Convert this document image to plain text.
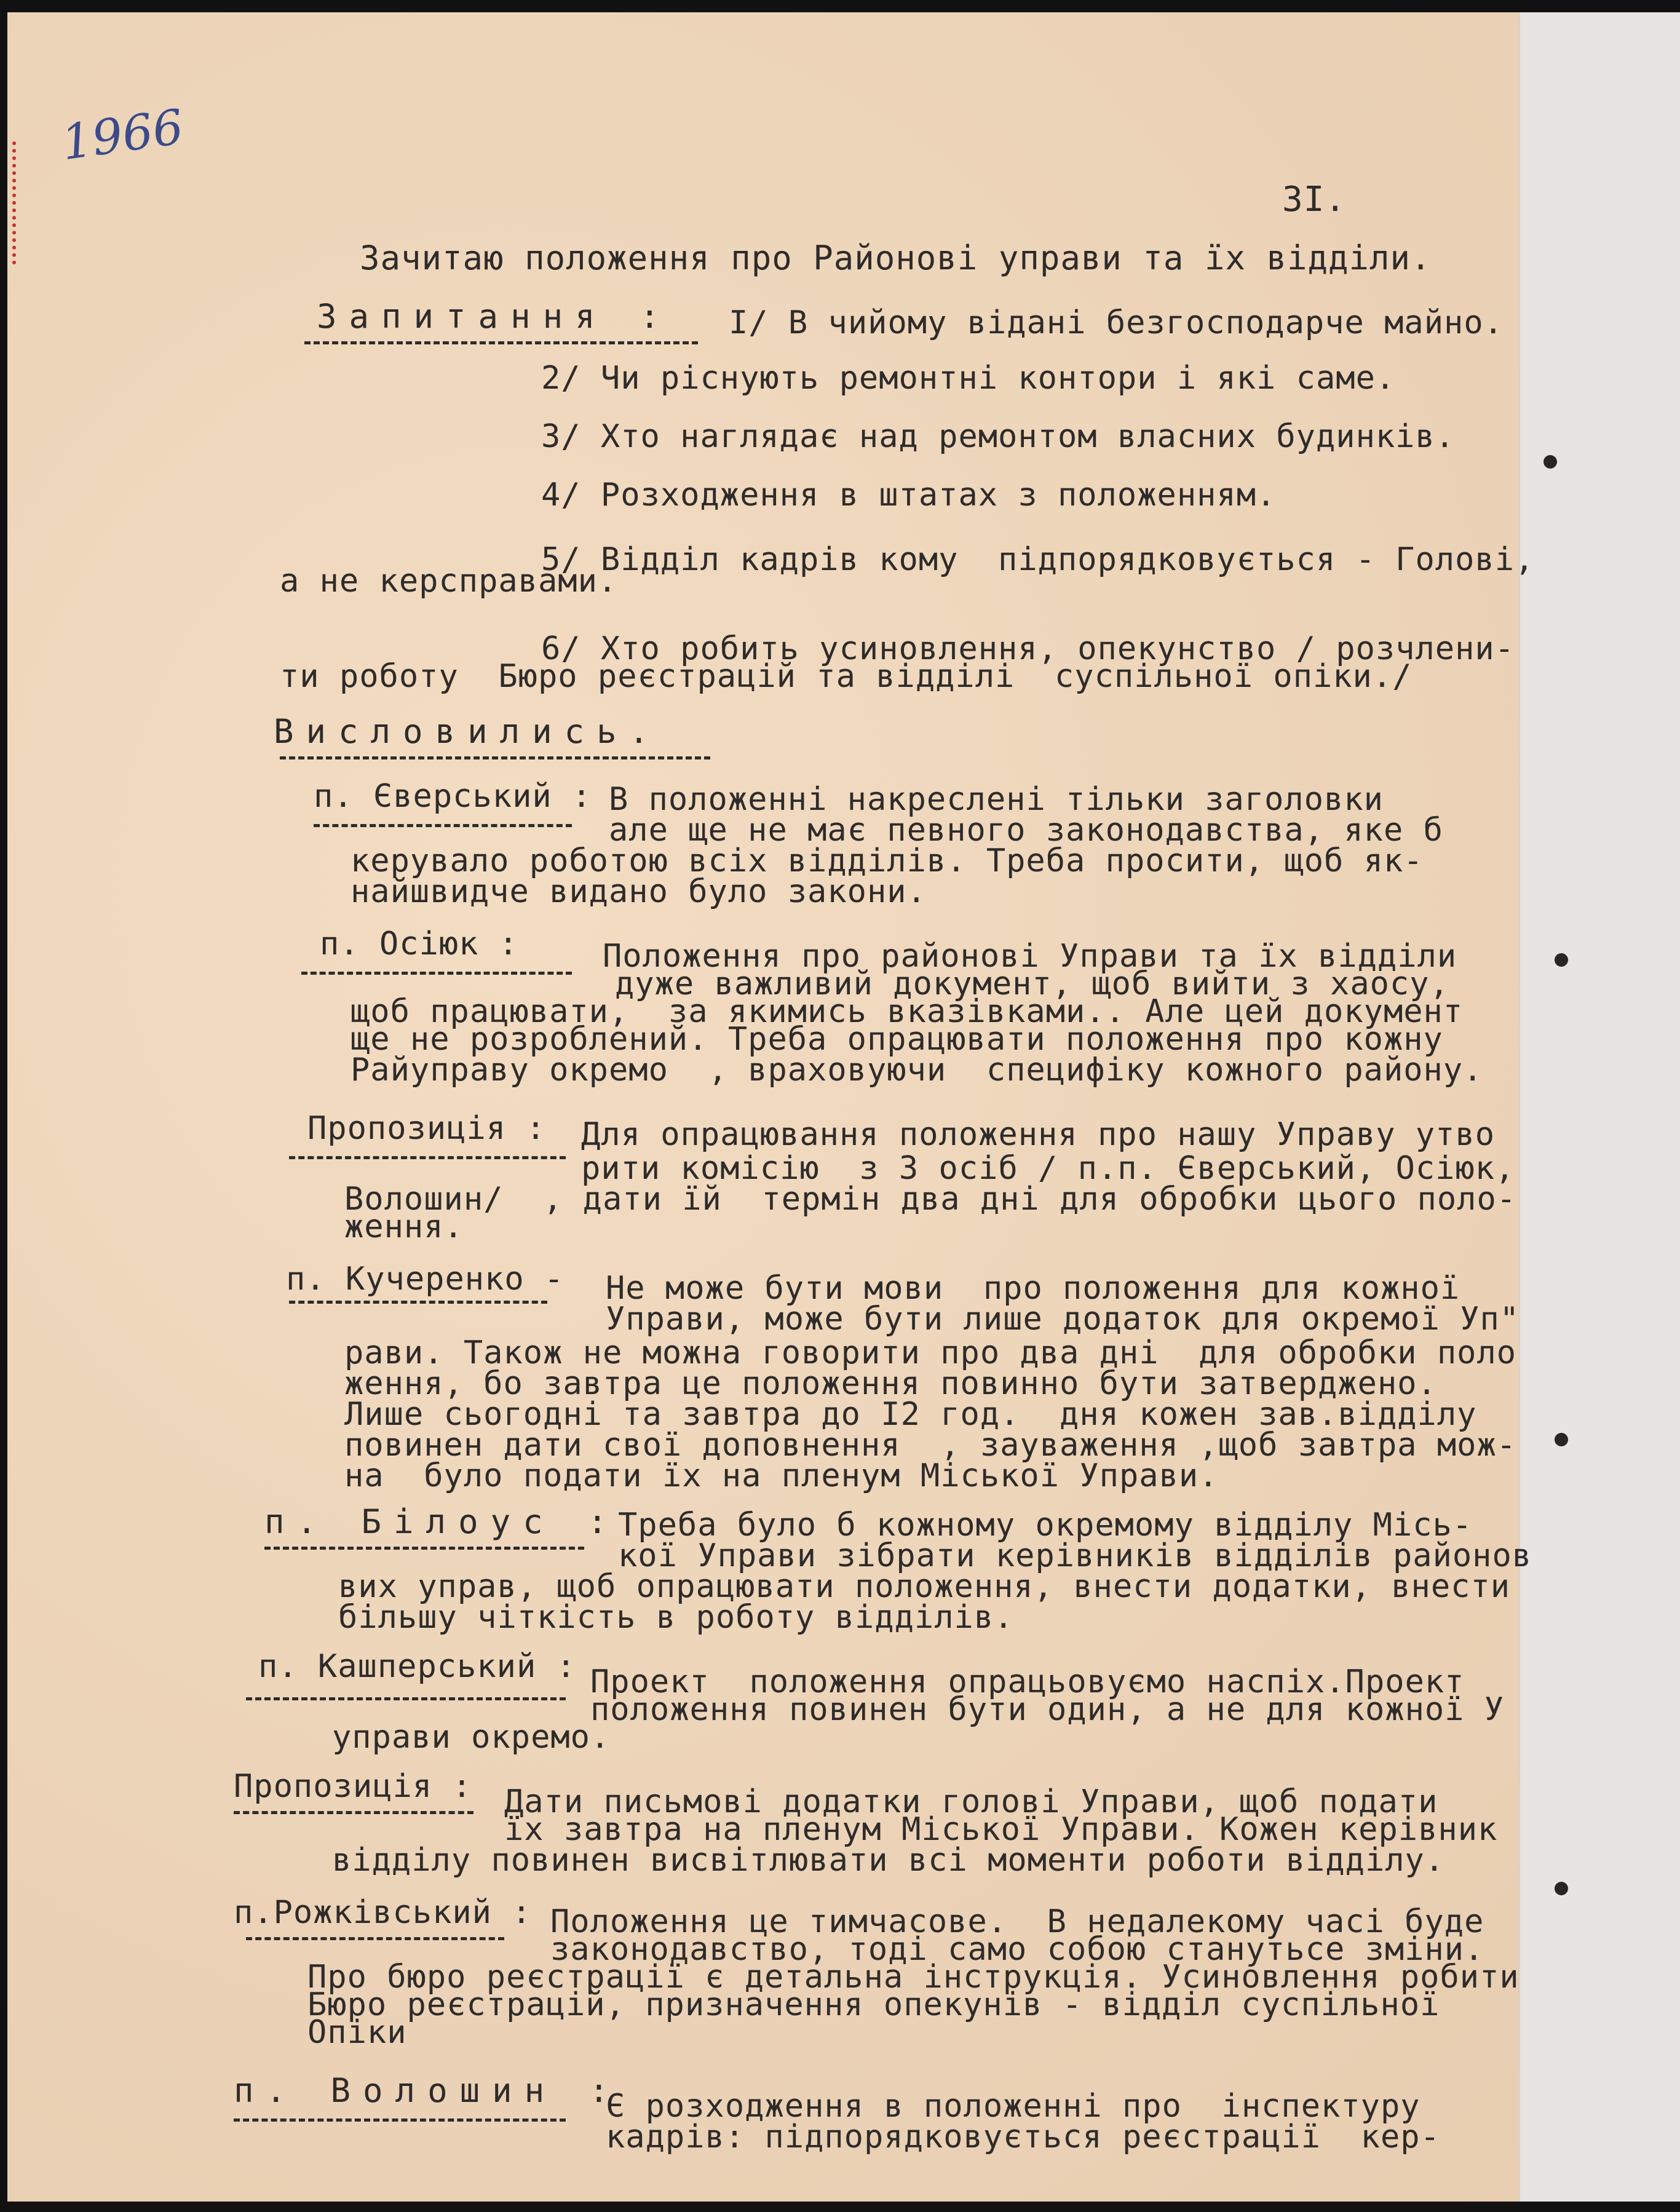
1966
3I.
Зачитаю положення про Районові управи та їх відділи.
Запитання : I/ В чийому віданi безгосподарче майно.
2/ Чи ріснують ремонтні контори і які саме.
3/ Хто наглядає над ремонтом власних будинків.
4/ Розходження в штатах з положенням.
5/ Відділ кадрів кому  підпорядковується - Голові,
а не керсправами.
6/ Хто робить усиновлення, опекунство / розчлени-
ти роботу  Бюро реєстрацій та відділі  суспільної опіки./
Висловились.
п. Єверський : В положенні накреслені тільки заголовки
але ще не має певного законодавства, яке б
керувало роботою всіх відділів. Треба просити, щоб як-
найшвидче видано було закони.
п. Осіюк :	Положення про районові Управи та їх відділи
дуже важливий документ, щоб вийти з хаосу,
щоб працювати,  за якимись вказівками.. Але цей документ
ще не розроблений. Треба опрацювати положення про кожну
Райуправу окремо  , враховуючи  специфіку кожного району.
Пропозиція : Для опрацювання положення про нашу Управу утво
рити комісію  з 3 осіб / п.п. Єверський, Осіюк,
Волошин/  , дати їй  термін два дні для обробки цього поло-
ження.
п. Кучеренко - Не може бути мови  про положення для кожної
Управи, може бути лише додаток для окремої Уп"
рави. Також не можна говорити про два дні  для обробки поло
ження, бо завтра це положення повинно бути затверджено.
Лише сьогодні та завтра до I2 год.  дня кожен зав.відділу
повинен дати свої доповнення  , зауваження ,щоб завтра мож-
на  було подати їх на пленум Міської Управи.
п. Білоус :
Треба було б кожному окремому відділу Місь-
кої Управи зібрати керівників відділів районов
вих управ, щоб опрацювати положення, внести додатки, внести
більшу чіткість в роботу відділів.
п. Кашперський : Проект  положення опрацьовуємо наспіх.Проект
положення повинен бути один, а не для кожної У
управи окремо.
Пропозиція : Дати письмові додатки голові Управи, щоб подати
їх завтра на пленум Міської Управи. Кожен керівник
відділу повинен висвітлювати всі моменти роботи відділу.
п.Рожківський : Положення це тимчасове.  В недалекому часі буде
законодавство, тоді само собою станутьсе зміни.
Про бюро реєстрації є детальна інструкція. Усиновлення робити
Бюро реєстрацій, призначення опекунів - відділ суспільної
Опіки
п. Волошин :
Є розходження в положенні про  інспектуру
кадрів: підпорядковується реєстрації  кер-
